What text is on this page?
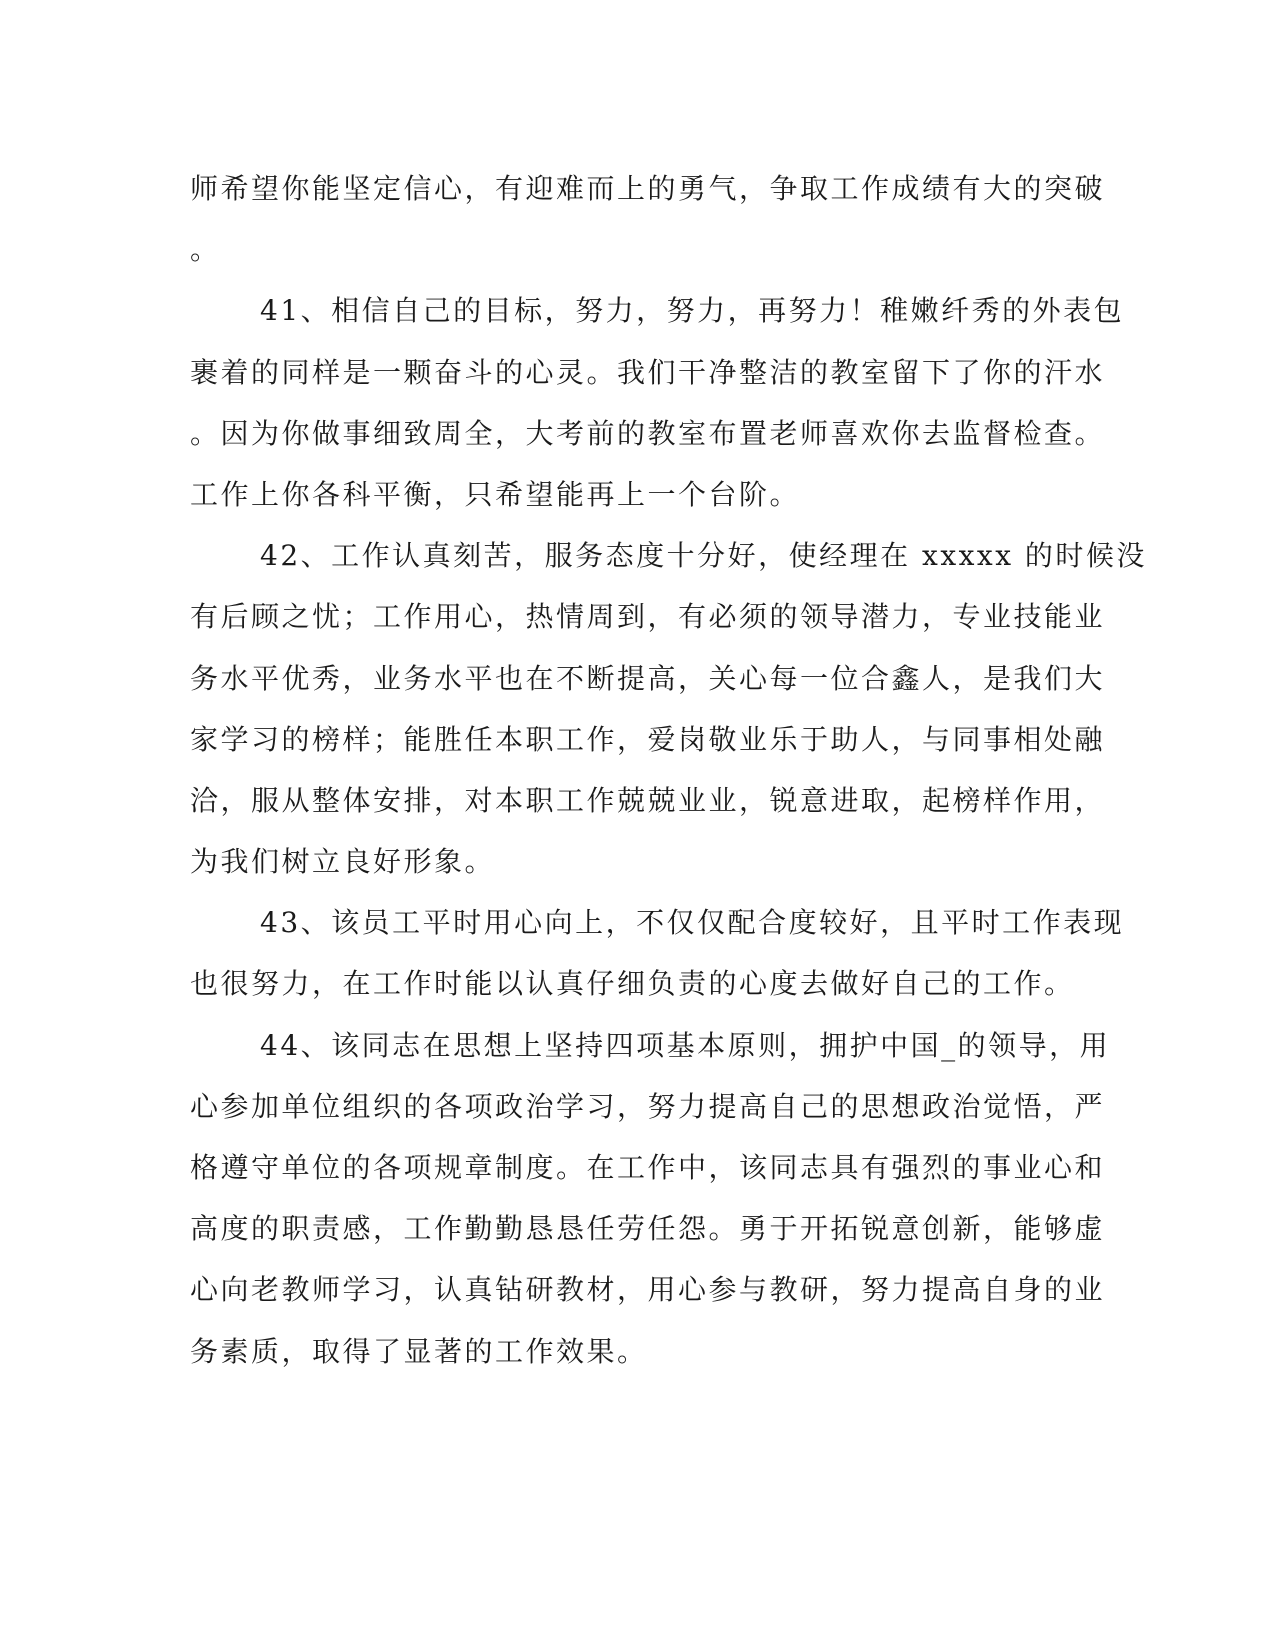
师希望你能坚定信心，有迎难而上的勇气，争取工作成绩有大的突破
。
41、相信自己的目标，努力，努力，再努力！稚嫩纤秀的外表包
裹着的同样是一颗奋斗的心灵。我们干净整洁的教室留下了你的汗水
。因为你做事细致周全，大考前的教室布置老师喜欢你去监督检查。
工作上你各科平衡，只希望能再上一个台阶。
42、工作认真刻苦，服务态度十分好，使经理在 xxxxx 的时候没
有后顾之忧；工作用心，热情周到，有必须的领导潜力，专业技能业
务水平优秀，业务水平也在不断提高，关心每一位合鑫人，是我们大
家学习的榜样；能胜任本职工作，爱岗敬业乐于助人，与同事相处融
洽，服从整体安排，对本职工作兢兢业业，锐意进取，起榜样作用，
为我们树立良好形象。
43、该员工平时用心向上，不仅仅配合度较好，且平时工作表现
也很努力，在工作时能以认真仔细负责的心度去做好自己的工作。
44、该同志在思想上坚持四项基本原则，拥护中国_的领导，用
心参加单位组织的各项政治学习，努力提高自己的思想政治觉悟，严
格遵守单位的各项规章制度。在工作中，该同志具有强烈的事业心和
高度的职责感，工作勤勤恳恳任劳任怨。勇于开拓锐意创新，能够虚
心向老教师学习，认真钻研教材，用心参与教研，努力提高自身的业
务素质，取得了显著的工作效果。
